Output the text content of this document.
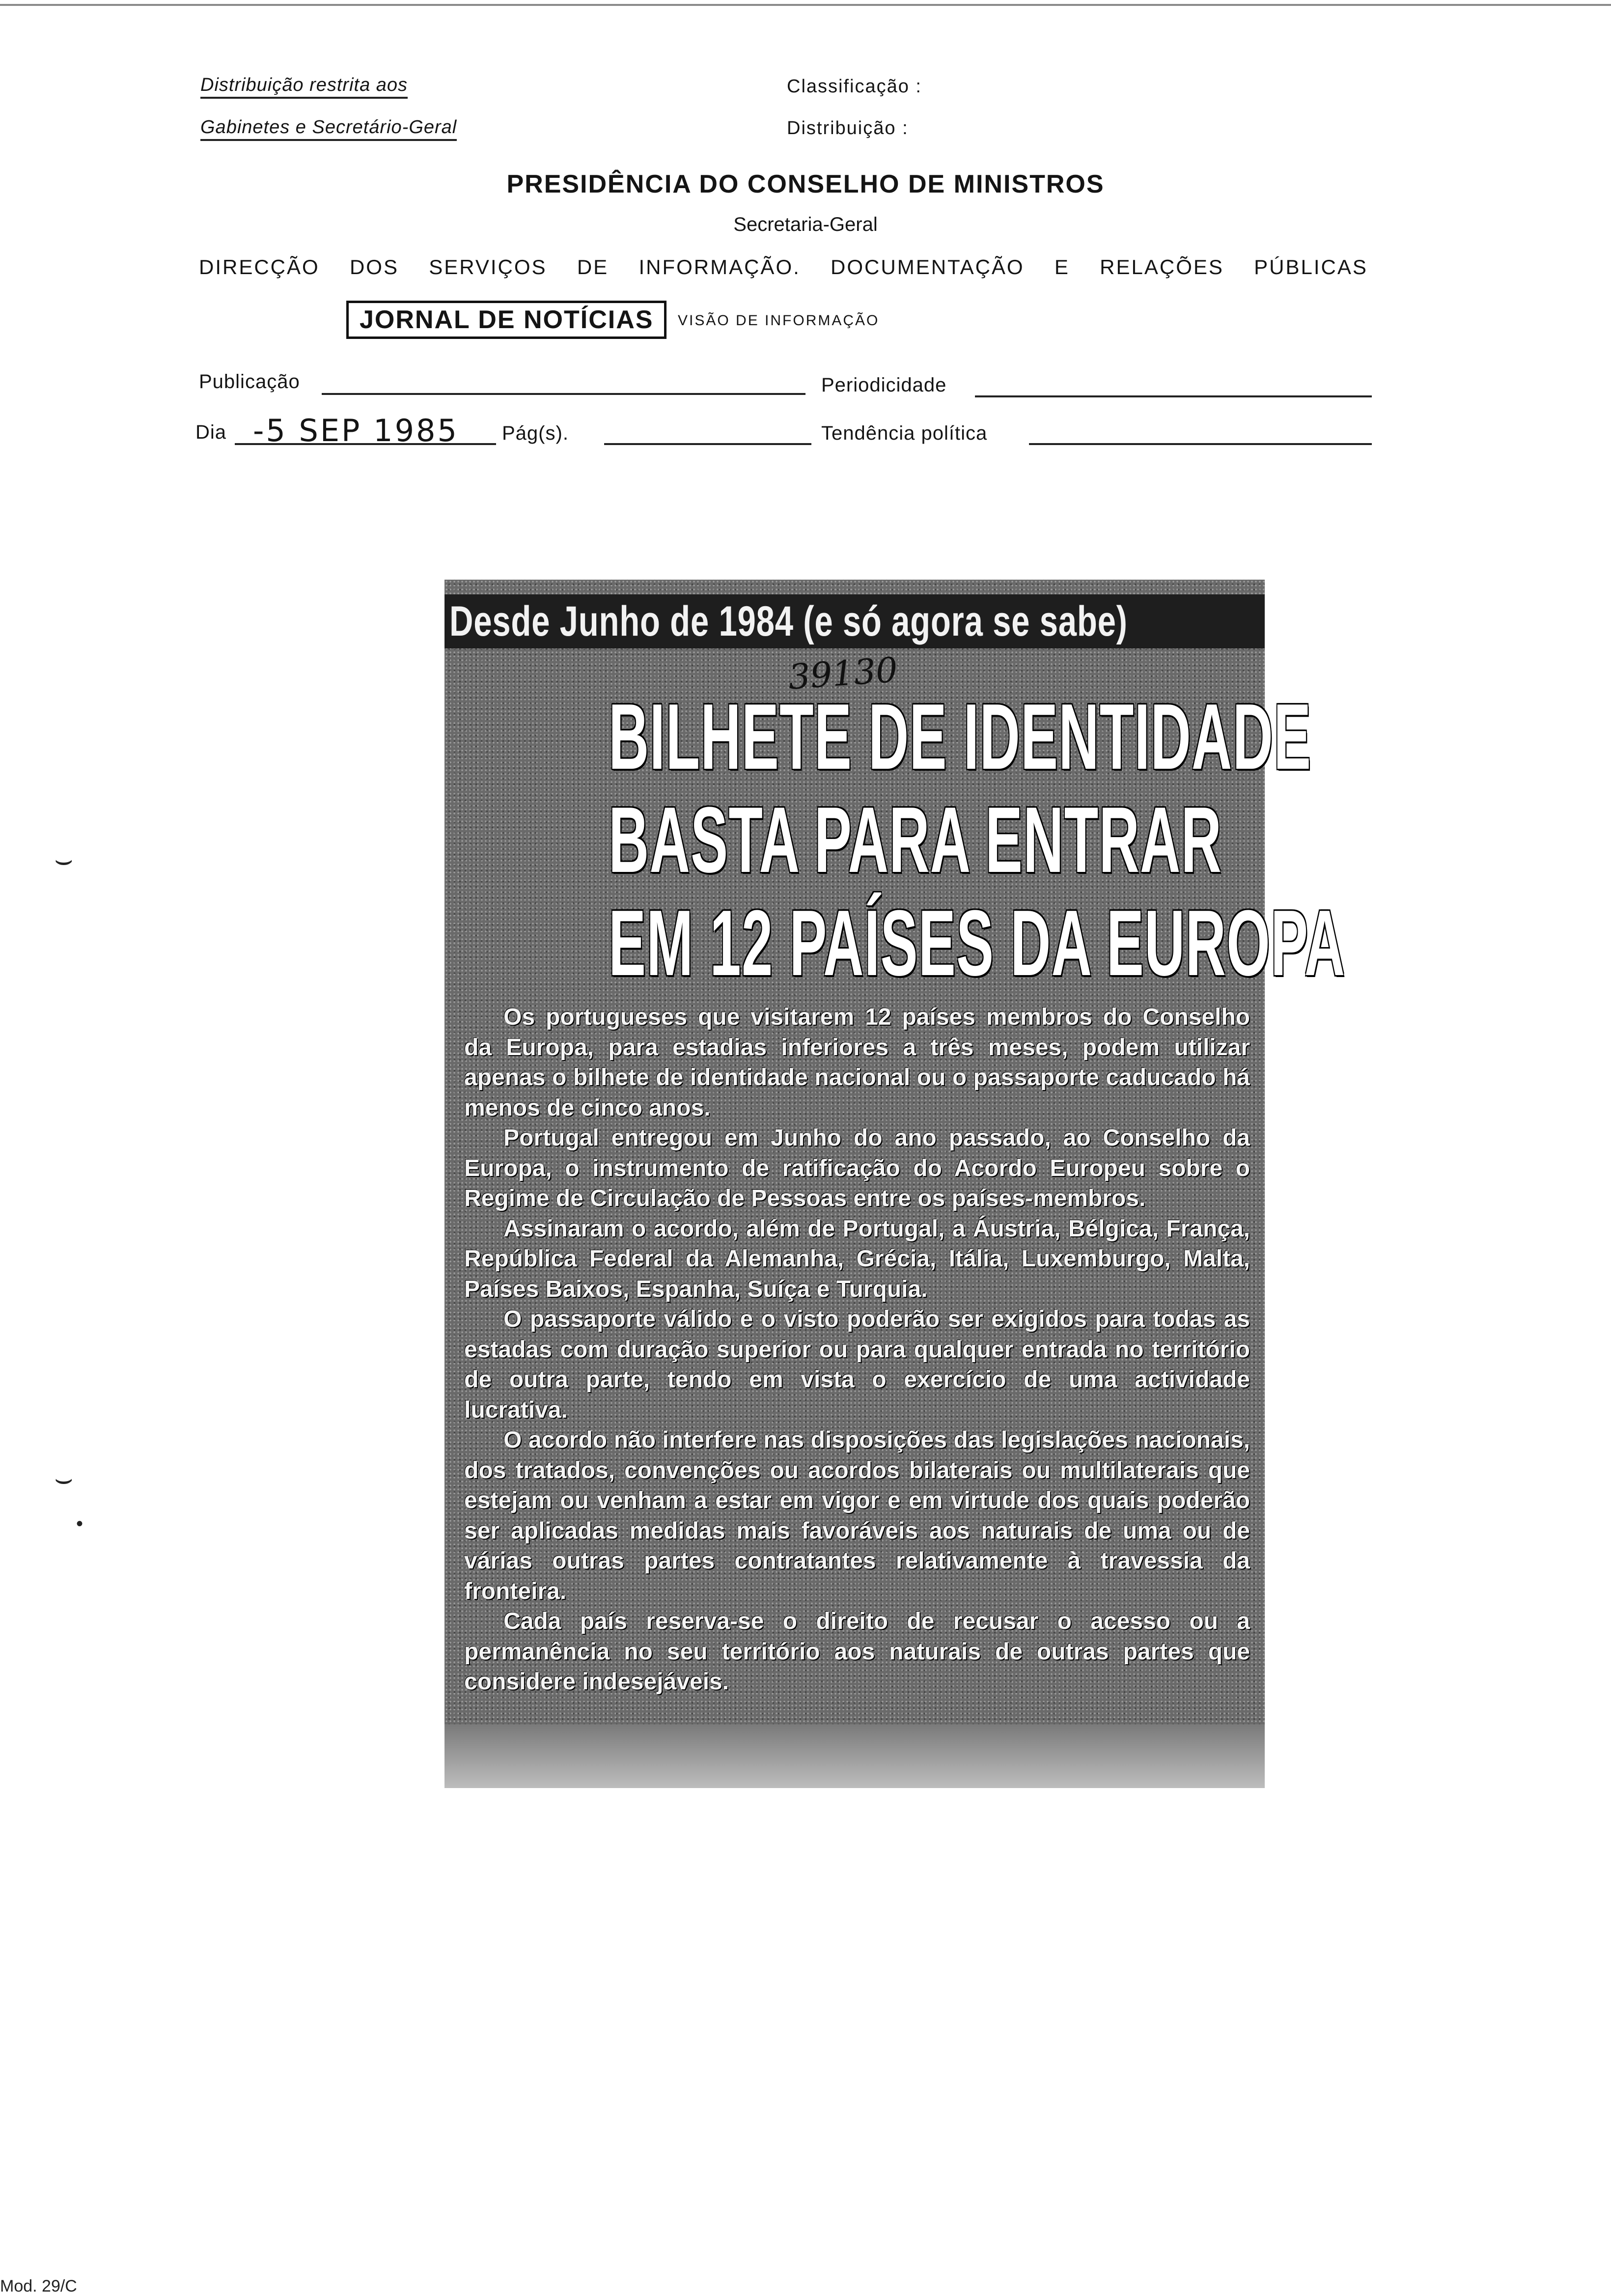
Distribuição restrita aos
Gabinetes e Secretário-Geral
Classificação :
Distribuição :
PRESIDÊNCIA DO CONSELHO DE MINISTROS
Secretaria-Geral
DIRECÇÃO DOS SERVIÇOS DE INFORMAÇÃO. DOCUMENTAÇÃO E RELAÇÕES PÚBLICAS
JORNAL DE NOTÍCIAS	VISÃO DE INFORMAÇÃO
Publicação	Periodicidade
Dia -5 SEP 1985 Pág(s).	Tendência política
Desde Junho de 1984 (e só agora se sabe)
39130
BILHETE DE IDENTIDADE
BASTA PARA ENTRAR
EM 12 PAÍSES DA EUROPA

Os portugueses que visitarem 12 países membros do Conselho da Europa, para estadias inferiores a três meses, podem utilizar apenas o bilhete de identidade nacional ou o passaporte caducado há menos de cinco anos.

Portugal entregou em Junho do ano passado, ao Conselho da Europa, o instrumento de ratificação do Acordo Europeu sobre o Regime de Circulação de Pessoas entre os países-membros.

Assinaram o acordo, além de Portugal, a Áustria, Bélgica, França, República Federal da Alemanha, Grécia, Itália, Luxemburgo, Malta, Países Baixos, Espanha, Suíça e Turquia.

O passaporte válido e o visto poderão ser exigidos para todas as estadas com duração superior ou para qualquer entrada no território de outra parte, tendo em vista o exercício de uma actividade lucrativa.

O acordo não interfere nas disposições das legislações nacionais, dos tratados, convenções ou acordos bilaterais ou multilaterais que estejam ou venham a estar em vigor e em virtude dos quais poderão ser aplicadas medidas mais favoráveis aos naturais de uma ou de várias outras partes contratantes relativamente à travessia da fronteira.

Cada país reserva-se o direito de recusar o acesso ou a permanência no seu território aos naturais de outras partes que considere indesejáveis.

⌣
⌣
•
Mod. 29/C
